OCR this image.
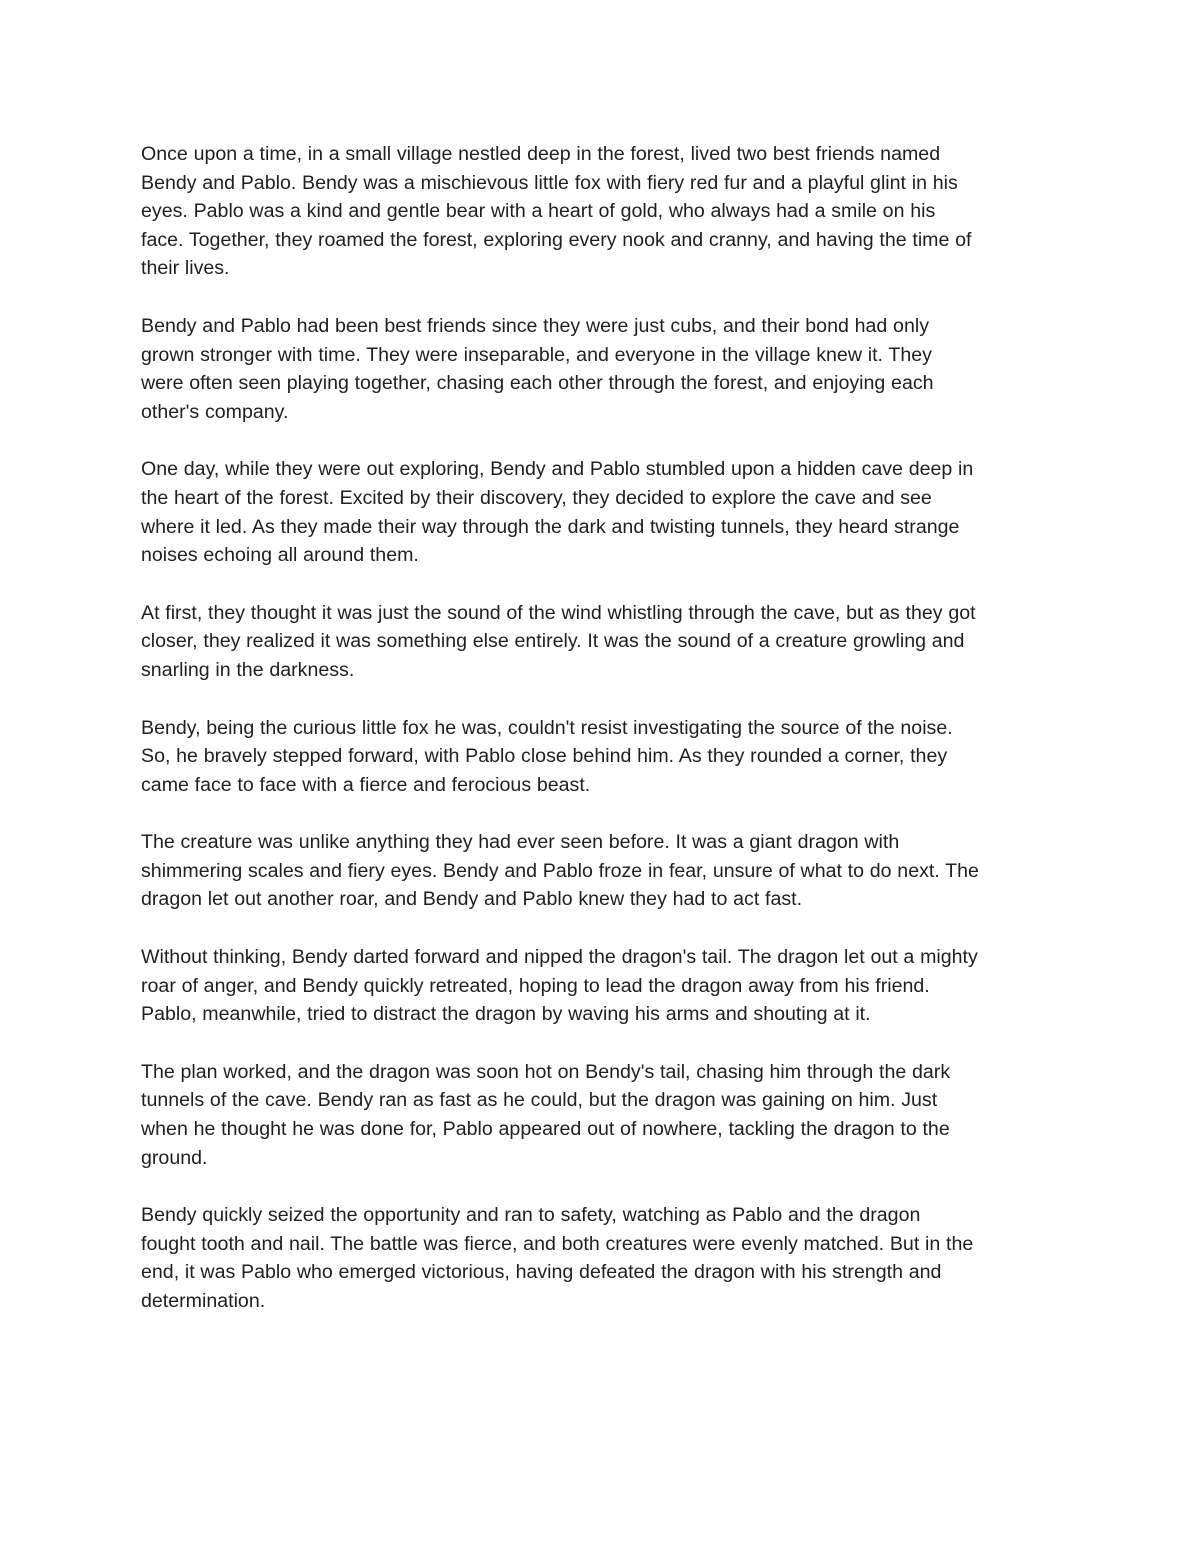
Once upon a time, in a small village nestled deep in the forest, lived two best friends named
Bendy and Pablo. Bendy was a mischievous little fox with fiery red fur and a playful glint in his
eyes. Pablo was a kind and gentle bear with a heart of gold, who always had a smile on his
face. Together, they roamed the forest, exploring every nook and cranny, and having the time of
their lives.

Bendy and Pablo had been best friends since they were just cubs, and their bond had only
grown stronger with time. They were inseparable, and everyone in the village knew it. They
were often seen playing together, chasing each other through the forest, and enjoying each
other's company.

One day, while they were out exploring, Bendy and Pablo stumbled upon a hidden cave deep in
the heart of the forest. Excited by their discovery, they decided to explore the cave and see
where it led. As they made their way through the dark and twisting tunnels, they heard strange
noises echoing all around them.

At first, they thought it was just the sound of the wind whistling through the cave, but as they got
closer, they realized it was something else entirely. It was the sound of a creature growling and
snarling in the darkness.

Bendy, being the curious little fox he was, couldn't resist investigating the source of the noise.
So, he bravely stepped forward, with Pablo close behind him. As they rounded a corner, they
came face to face with a fierce and ferocious beast.

The creature was unlike anything they had ever seen before. It was a giant dragon with
shimmering scales and fiery eyes. Bendy and Pablo froze in fear, unsure of what to do next. The
dragon let out another roar, and Bendy and Pablo knew they had to act fast.

Without thinking, Bendy darted forward and nipped the dragon's tail. The dragon let out a mighty
roar of anger, and Bendy quickly retreated, hoping to lead the dragon away from his friend.
Pablo, meanwhile, tried to distract the dragon by waving his arms and shouting at it.

The plan worked, and the dragon was soon hot on Bendy's tail, chasing him through the dark
tunnels of the cave. Bendy ran as fast as he could, but the dragon was gaining on him. Just
when he thought he was done for, Pablo appeared out of nowhere, tackling the dragon to the
ground.

Bendy quickly seized the opportunity and ran to safety, watching as Pablo and the dragon
fought tooth and nail. The battle was fierce, and both creatures were evenly matched. But in the
end, it was Pablo who emerged victorious, having defeated the dragon with his strength and
determination.
